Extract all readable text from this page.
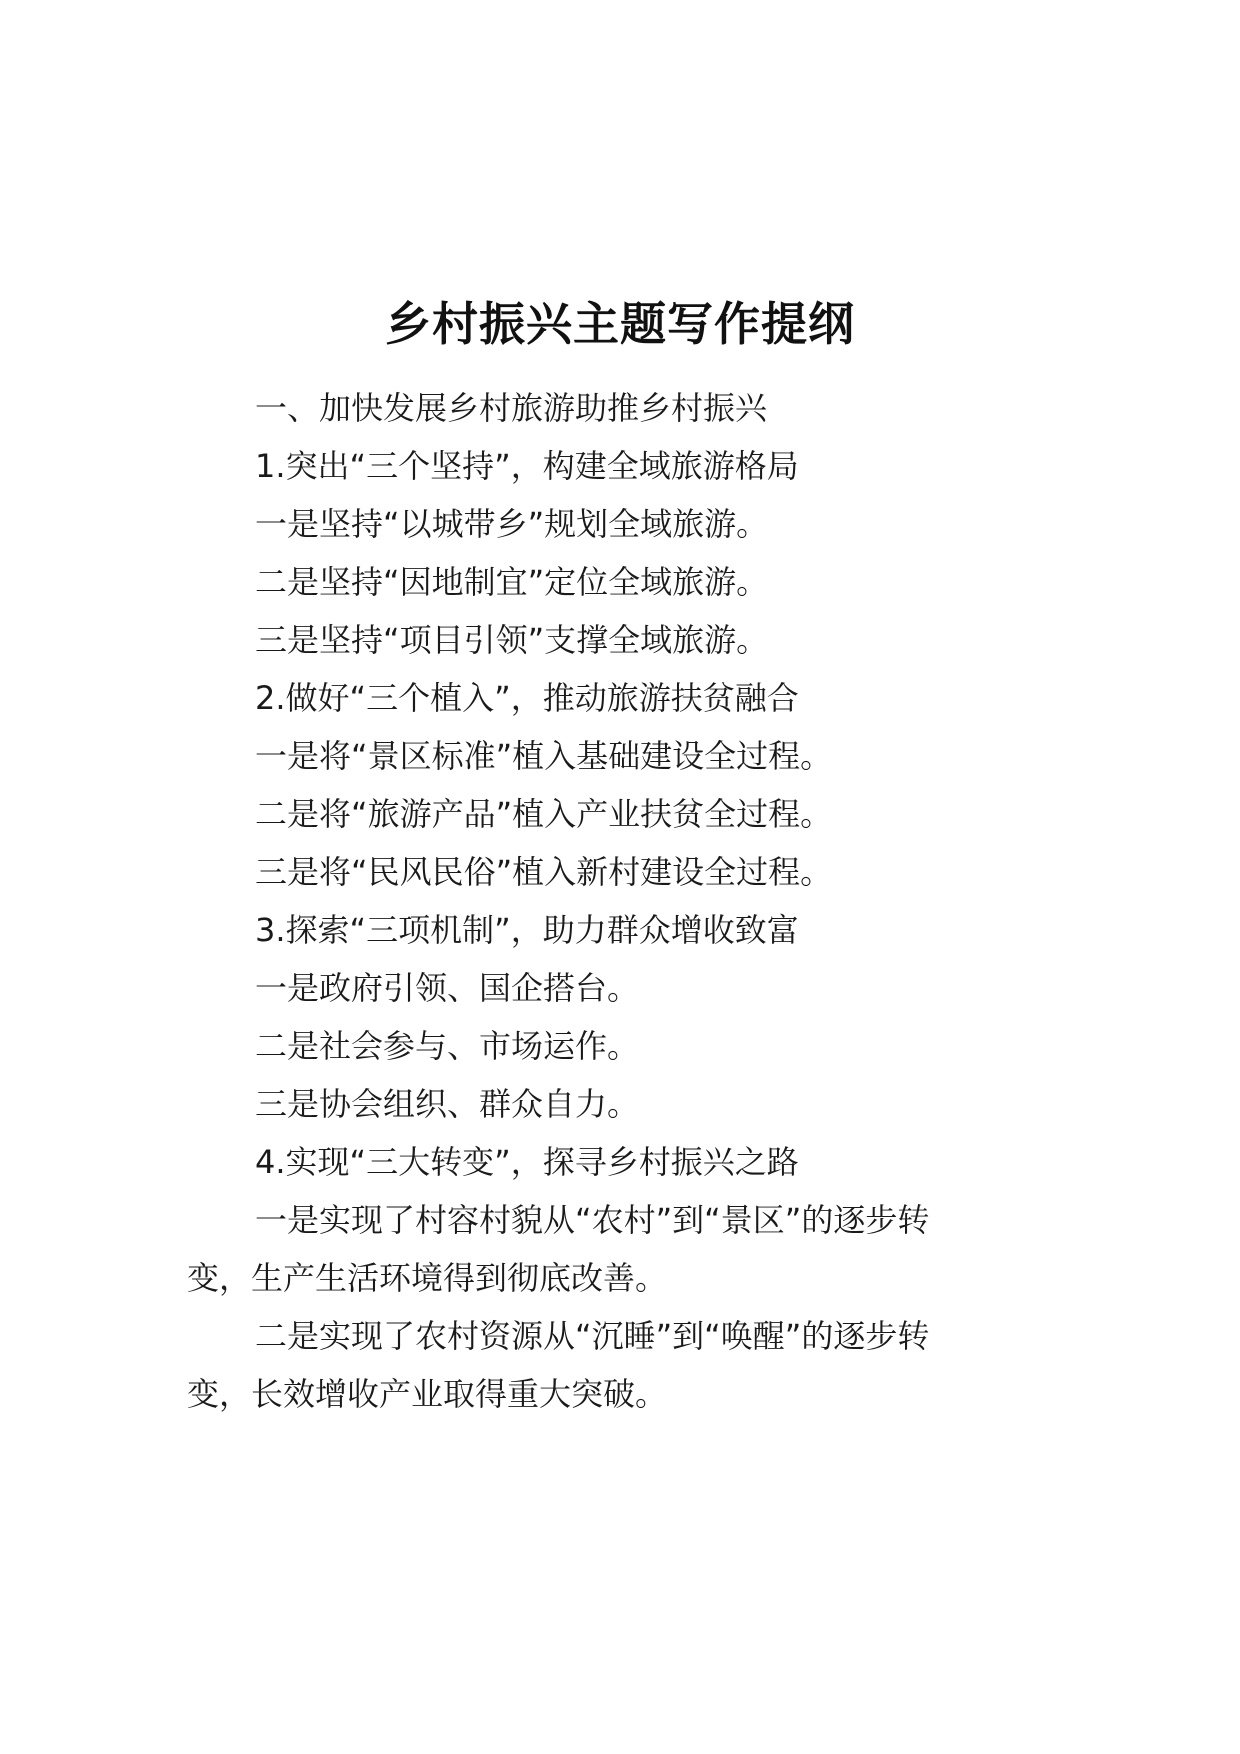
乡村振兴主题写作提纲
一、加快发展乡村旅游助推乡村振兴
1.突出“三个坚持”，构建全域旅游格局
一是坚持“以城带乡”规划全域旅游。
二是坚持“因地制宜”定位全域旅游。
三是坚持“项目引领”支撑全域旅游。
2.做好“三个植入”，推动旅游扶贫融合
一是将“景区标准”植入基础建设全过程。
二是将“旅游产品”植入产业扶贫全过程。
三是将“民风民俗”植入新村建设全过程。
3.探索“三项机制”，助力群众增收致富
一是政府引领、国企搭台。
二是社会参与、市场运作。
三是协会组织、群众自力。
4.实现“三大转变”，探寻乡村振兴之路
一是实现了村容村貌从“农村”到“景区”的逐步转
变，生产生活环境得到彻底改善。
二是实现了农村资源从“沉睡”到“唤醒”的逐步转
变，长效增收产业取得重大突破。
